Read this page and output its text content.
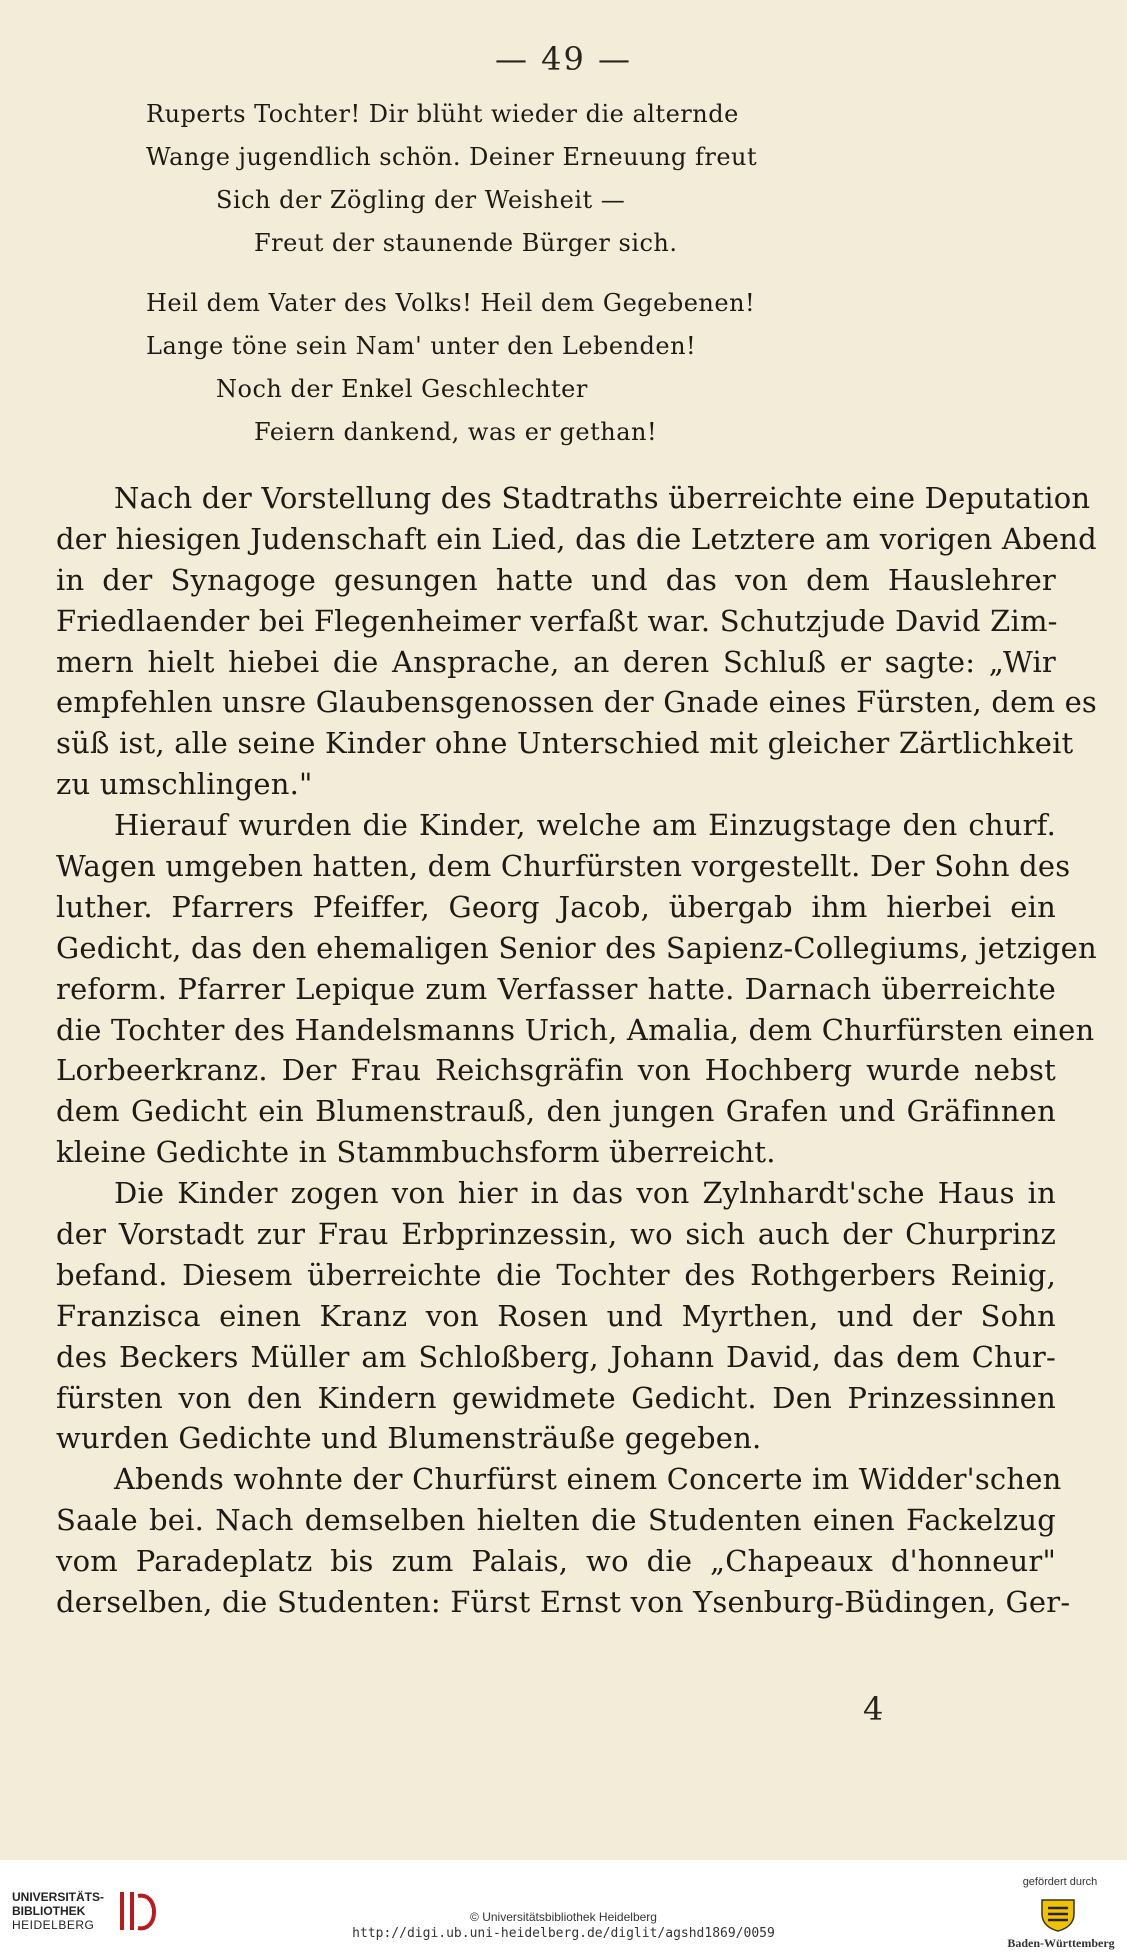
— 49 —
Ruperts Tochter! Dir blüht wieder die alternde
Wange jugendlich schön. Deiner Erneuung freut
Sich der Zögling der Weisheit —
Freut der staunende Bürger sich.
Heil dem Vater des Volks! Heil dem Gegebenen!
Lange töne sein Nam' unter den Lebenden!
Noch der Enkel Geschlechter
Feiern dankend, was er gethan!
Nach der Vorstellung des Stadtraths überreichte eine Deputation
der hiesigen Judenschaft ein Lied, das die Letztere am vorigen Abend
in der Synagoge gesungen hatte und das von dem Hauslehrer
Friedlaender bei Flegenheimer verfaßt war. Schutzjude David Zim-
mern hielt hiebei die Ansprache, an deren Schluß er sagte: „Wir
empfehlen unsre Glaubensgenossen der Gnade eines Fürsten, dem es
süß ist, alle seine Kinder ohne Unterschied mit gleicher Zärtlichkeit
zu umschlingen."
Hierauf wurden die Kinder, welche am Einzugstage den churf.
Wagen umgeben hatten, dem Churfürsten vorgestellt. Der Sohn des
luther. Pfarrers Pfeiffer, Georg Jacob, übergab ihm hierbei ein
Gedicht, das den ehemaligen Senior des Sapienz-Collegiums, jetzigen
reform. Pfarrer Lepique zum Verfasser hatte. Darnach überreichte
die Tochter des Handelsmanns Urich, Amalia, dem Churfürsten einen
Lorbeerkranz. Der Frau Reichsgräfin von Hochberg wurde nebst
dem Gedicht ein Blumenstrauß, den jungen Grafen und Gräfinnen
kleine Gedichte in Stammbuchsform überreicht.
Die Kinder zogen von hier in das von Zylnhardt'sche Haus in
der Vorstadt zur Frau Erbprinzessin, wo sich auch der Churprinz
befand. Diesem überreichte die Tochter des Rothgerbers Reinig,
Franzisca einen Kranz von Rosen und Myrthen, und der Sohn
des Beckers Müller am Schloßberg, Johann David, das dem Chur-
fürsten von den Kindern gewidmete Gedicht. Den Prinzessinnen
wurden Gedichte und Blumensträuße gegeben.
Abends wohnte der Churfürst einem Concerte im Widder'schen
Saale bei. Nach demselben hielten die Studenten einen Fackelzug
vom Paradeplatz bis zum Palais, wo die „Chapeaux d'honneur"
derselben, die Studenten: Fürst Ernst von Ysenburg-Büdingen, Ger-
4
UNIVERSITÄTS-
BIBLIOTHEK
HEIDELBERG
© Universitätsbibliothek Heidelberg
http://digi.ub.uni-heidelberg.de/diglit/agshd1869/0059
gefördert durch
Baden-Württemberg
